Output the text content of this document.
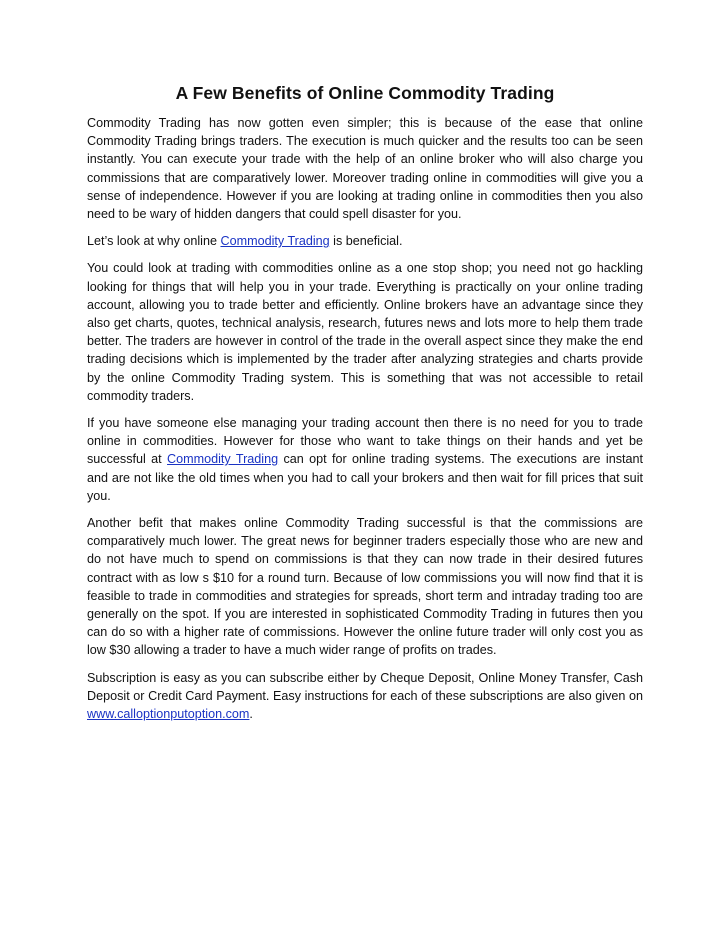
A Few Benefits of Online Commodity Trading

Commodity Trading has now gotten even simpler; this is because of the ease that online Commodity Trading brings traders. The execution is much quicker and the results too can be seen instantly. You can execute your trade with the help of an online broker who will also charge you commissions that are comparatively lower. Moreover trading online in commodities will give you a sense of independence. However if you are looking at trading online in commodities then you also need to be wary of hidden dangers that could spell disaster for you.

Let’s look at why online Commodity Trading is beneficial.

You could look at trading with commodities online as a one stop shop; you need not go hackling looking for things that will help you in your trade. Everything is practically on your online trading account, allowing you to trade better and efficiently. Online brokers have an advantage since they also get charts, quotes, technical analysis, research, futures news and lots more to help them trade better. The traders are however in control of the trade in the overall aspect since they make the end trading decisions which is implemented by the trader after analyzing strategies and charts provide by the online Commodity Trading system. This is something that was not accessible to retail commodity traders.

If you have someone else managing your trading account then there is no need for you to trade online in commodities. However for those who want to take things on their hands and yet be successful at Commodity Trading can opt for online trading systems. The executions are instant and are not like the old times when you had to call your brokers and then wait for fill prices that suit you.

Another befit that makes online Commodity Trading successful is that the commissions are comparatively much lower. The great news for beginner traders especially those who are new and do not have much to spend on commissions is that they can now trade in their desired futures contract with as low s $10 for a round turn. Because of low commissions you will now find that it is feasible to trade in commodities and strategies for spreads, short term and intraday trading too are generally on the spot. If you are interested in sophisticated Commodity Trading in futures then you can do so with a higher rate of commissions. However the online future trader will only cost you as low $30 allowing a trader to have a much wider range of profits on trades.

Subscription is easy as you can subscribe either by Cheque Deposit, Online Money Transfer, Cash Deposit or Credit Card Payment. Easy instructions for each of these subscriptions are also given on www.calloptionputoption.com.
